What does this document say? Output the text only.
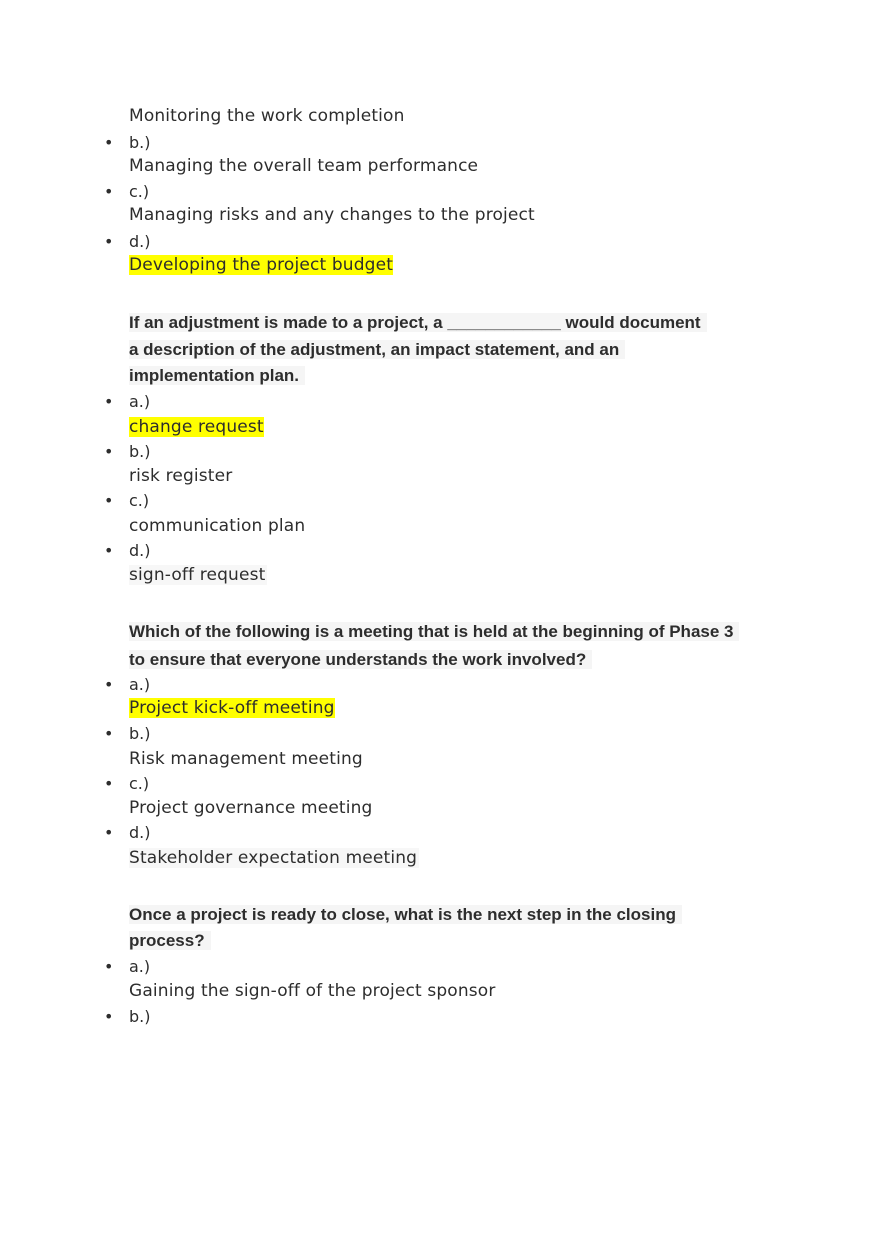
Monitoring the work completion
• b.)
Managing the overall team performance
• c.)
Managing risks and any changes to the project
• d.)
Developing the project budget
If an adjustment is made to a project, a ____________ would document
a description of the adjustment, an impact statement, and an
implementation plan.
• a.)
change request
• b.)
risk register
• c.)
communication plan
• d.)
sign-off request
Which of the following is a meeting that is held at the beginning of Phase 3
to ensure that everyone understands the work involved?
• a.)
Project kick-off meeting
• b.)
Risk management meeting
• c.)
Project governance meeting
• d.)
Stakeholder expectation meeting
Once a project is ready to close, what is the next step in the closing
process?
• a.)
Gaining the sign-off of the project sponsor
• b.)
